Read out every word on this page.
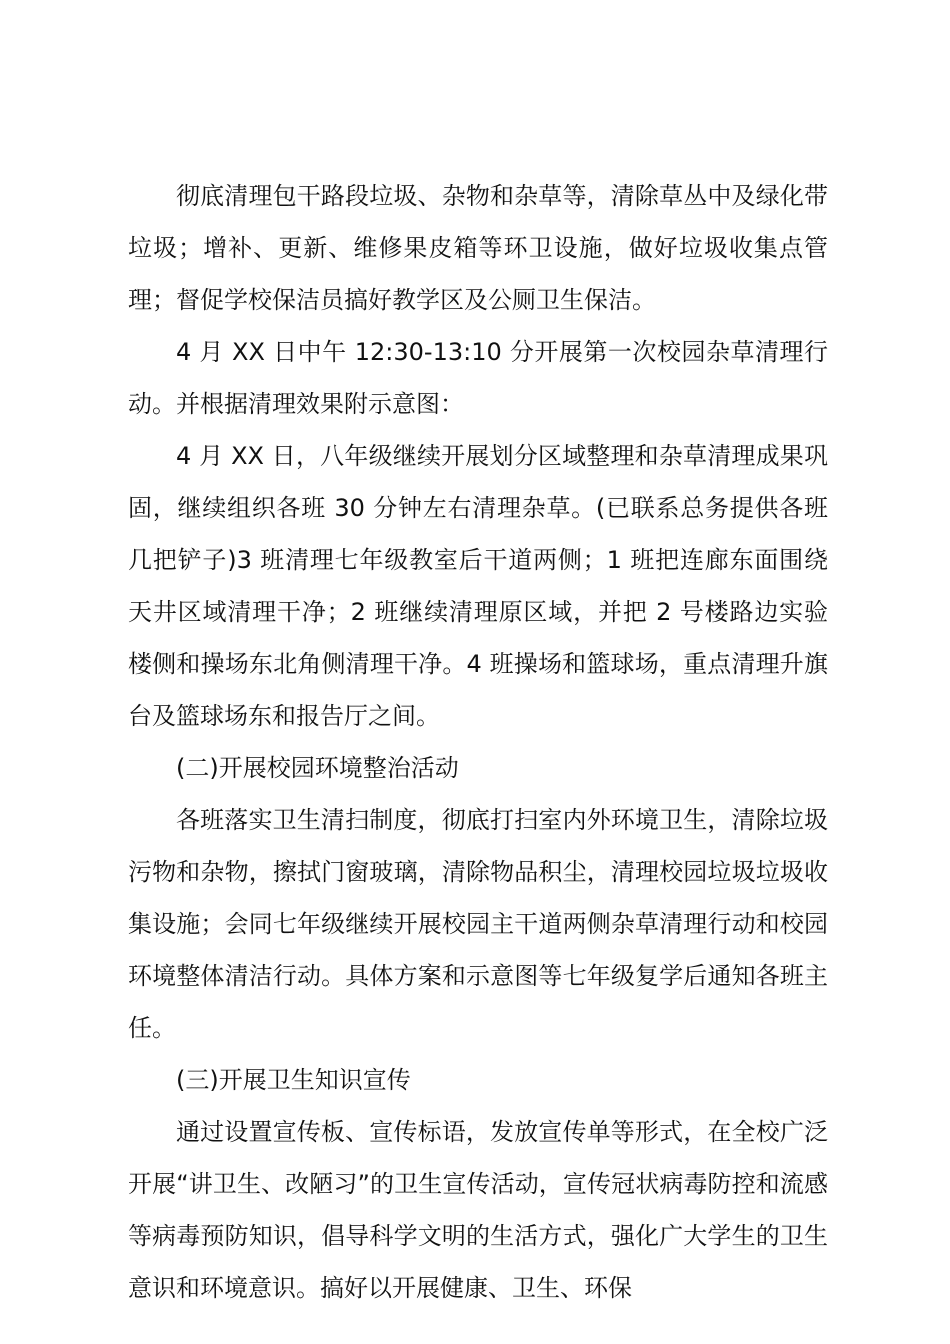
彻底清理包干路段垃圾、杂物和杂草等，清除草丛中及绿化带垃圾；增补、更新、维修果皮箱等环卫设施，做好垃圾收集点管理；督促学校保洁员搞好教学区及公厕卫生保洁。

4 月 XX 日中午 12:30-13:10 分开展第一次校园杂草清理行动。并根据清理效果附示意图：

4 月 XX 日，八年级继续开展划分区域整理和杂草清理成果巩固，继续组织各班 30 分钟左右清理杂草。(已联系总务提供各班几把铲子)3 班清理七年级教室后干道两侧；1 班把连廊东面围绕天井区域清理干净；2 班继续清理原区域，并把 2 号楼路边实验楼侧和操场东北角侧清理干净。4 班操场和篮球场，重点清理升旗台及篮球场东和报告厅之间。

(二)开展校园环境整治活动

各班落实卫生清扫制度，彻底打扫室内外环境卫生，清除垃圾污物和杂物，擦拭门窗玻璃，清除物品积尘，清理校园垃圾垃圾收集设施；会同七年级继续开展校园主干道两侧杂草清理行动和校园环境整体清洁行动。具体方案和示意图等七年级复学后通知各班主任。

(三)开展卫生知识宣传

通过设置宣传板、宣传标语，发放宣传单等形式，在全校广泛开展“讲卫生、改陋习”的卫生宣传活动，宣传冠状病毒防控和流感等病毒预防知识，倡导科学文明的生活方式，强化广大学生的卫生意识和环境意识。搞好以开展健康、卫生、环保
